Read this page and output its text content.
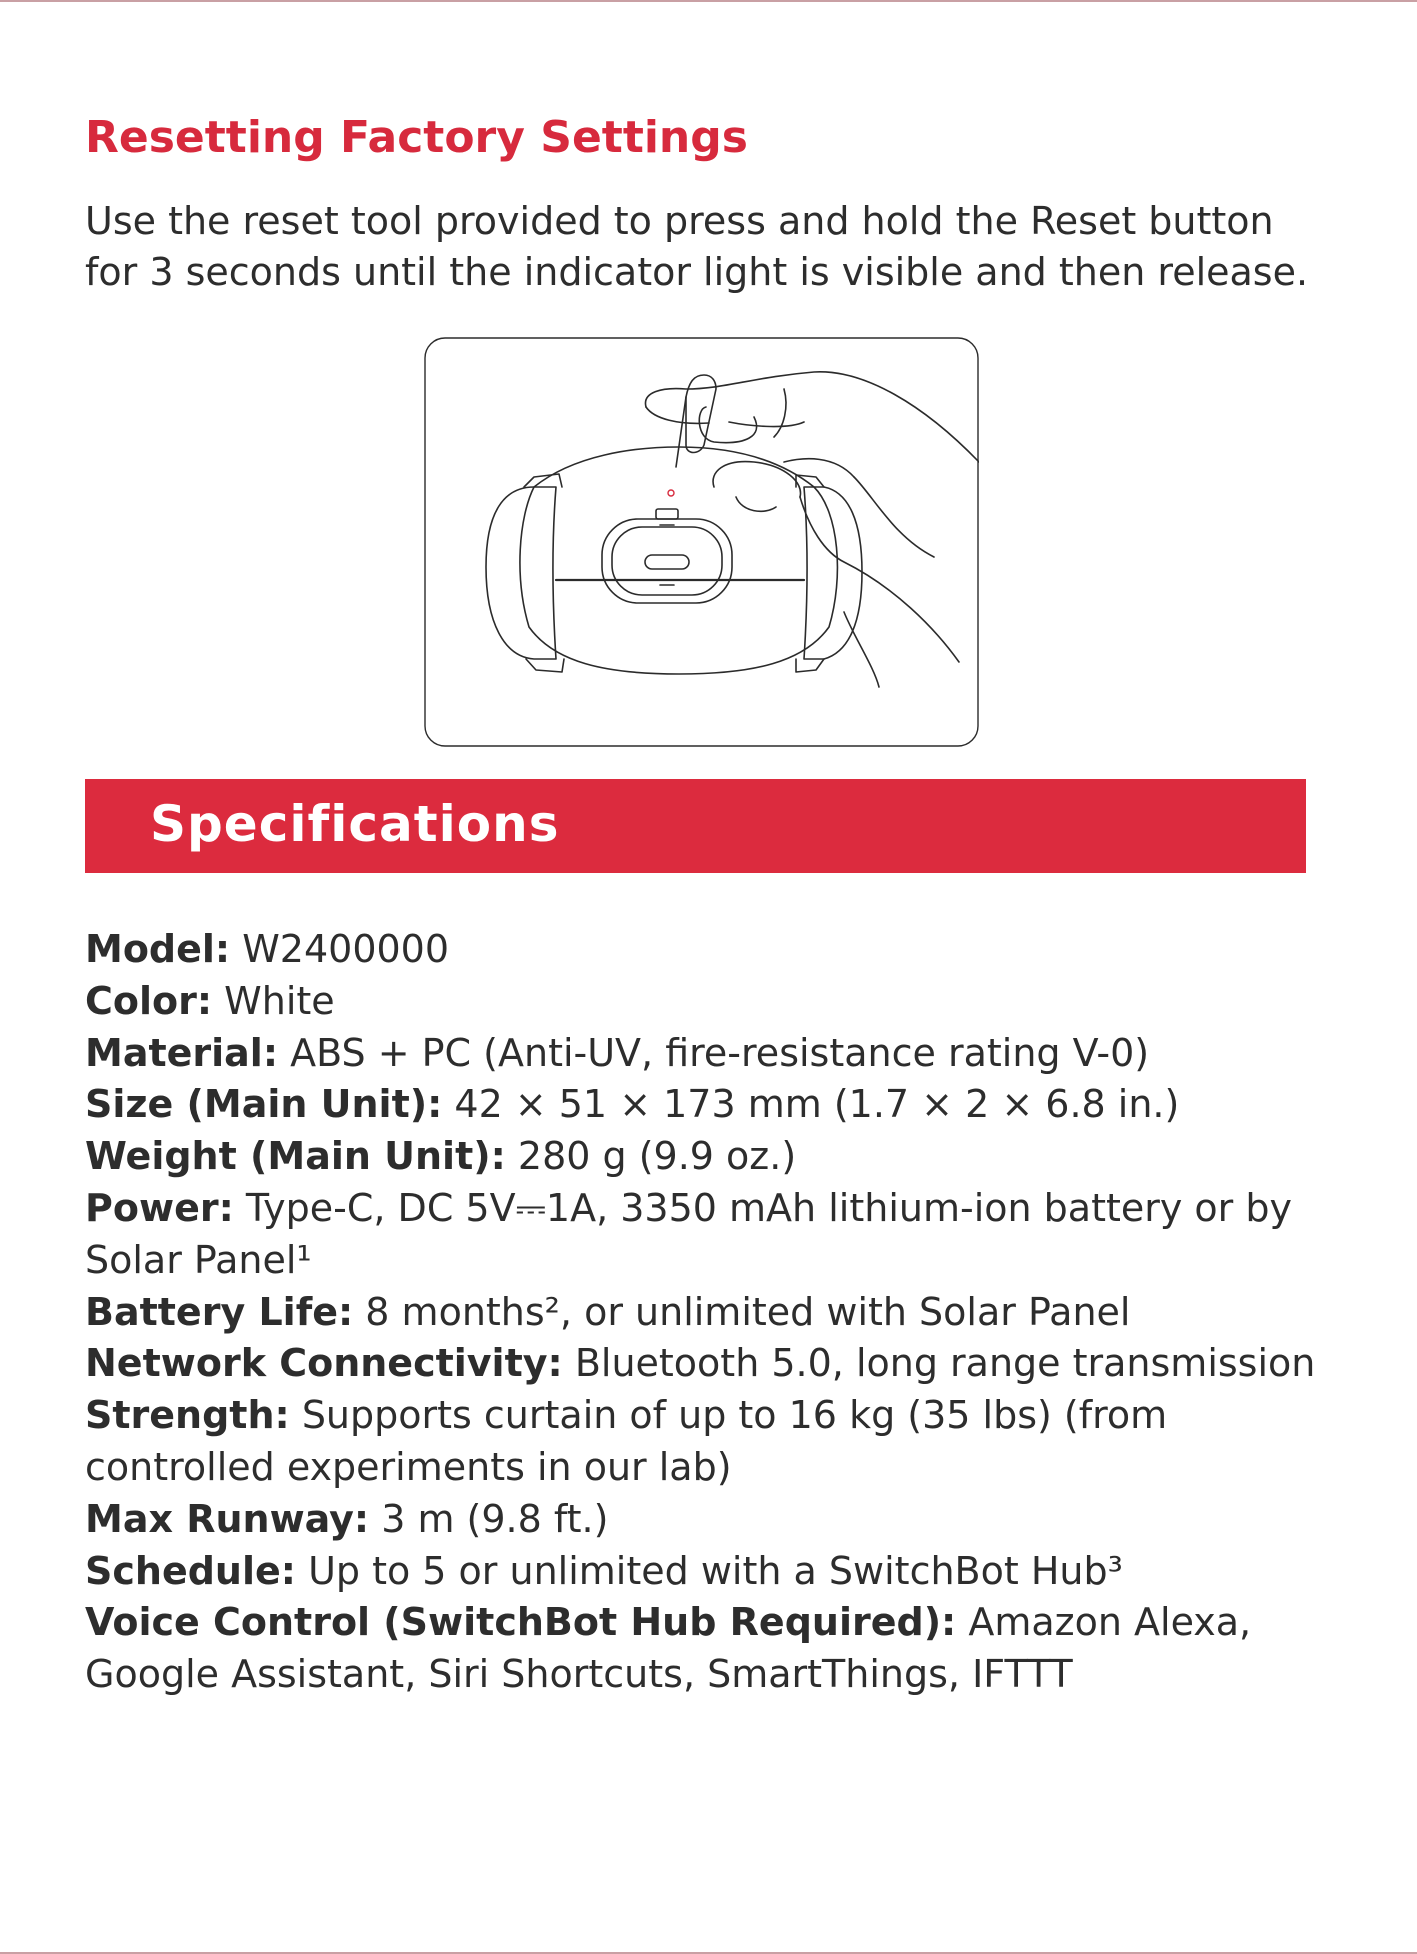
Resetting Factory Settings

Use the reset tool provided to press and hold the Reset button for 3 seconds until the indicator light is visible and then release.

Specifications
Model: W2400000
Color: White
Material: ABS + PC (Anti-UV, fire-resistance rating V-0)
Size (Main Unit): 42 × 51 × 173 mm (1.7 × 2 × 6.8 in.)
Weight (Main Unit): 280 g (9.9 oz.)
Power: Type-C, DC 5V⎓1A, 3350 mAh lithium-ion battery or by Solar Panel¹
Battery Life: 8 months², or unlimited with Solar Panel
Network Connectivity: Bluetooth 5.0, long range transmission
Strength: Supports curtain of up to 16 kg (35 lbs) (from controlled experiments in our lab)
Max Runway: 3 m (9.8 ft.)
Schedule: Up to 5 or unlimited with a SwitchBot Hub³
Voice Control (SwitchBot Hub Required): Amazon Alexa, Google Assistant, Siri Shortcuts, SmartThings, IFTTT
